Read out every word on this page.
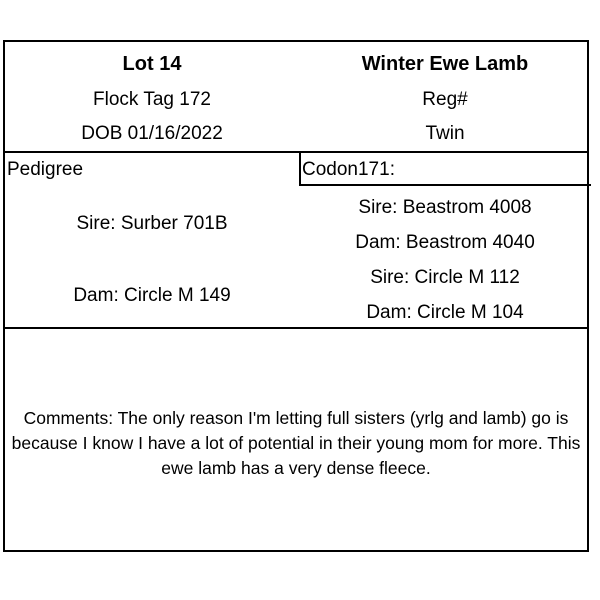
Lot 14
Flock Tag 172
DOB 01/16/2022
Winter Ewe Lamb
Reg#
Twin
Codon171:
Pedigree
Sire: Surber 701B
Dam: Circle M 149
Sire: Beastrom 4008
Dam: Beastrom 4040
Sire: Circle M 112
Dam: Circle M 104
Comments: The only reason I'm letting full sisters (yrlg and lamb) go is because I know I have a lot of potential in their young mom for more. This ewe lamb has a very dense fleece.
